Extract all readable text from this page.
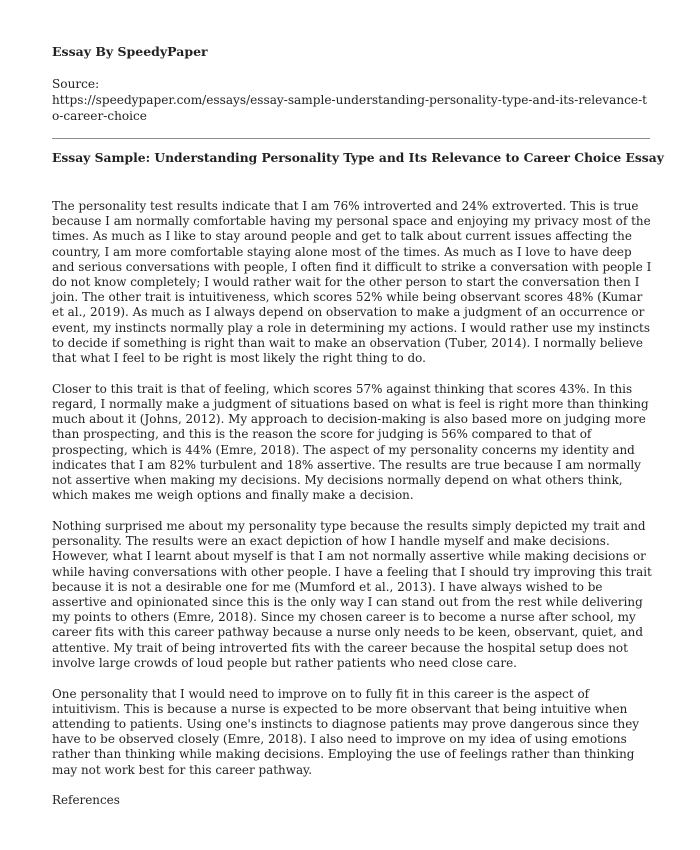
Essay By SpeedyPaper
Source:
https://speedypaper.com/essays/essay-sample-understanding-personality-type-and-its-relevance-to-career-choice
Essay Sample: Understanding Personality Type and Its Relevance to Career Choice Essay

The personality test results indicate that I am 76% introverted and 24% extroverted. This is true because I am normally comfortable having my personal space and enjoying my privacy most of the times. As much as I like to stay around people and get to talk about current issues affecting the country, I am more comfortable staying alone most of the times. As much as I love to have deep and serious conversations with people, I often find it difficult to strike a conversation with people I do not know completely; I would rather wait for the other person to start the conversation then I join. The other trait is intuitiveness, which scores 52% while being observant scores 48% (Kumar et al., 2019). As much as I always depend on observation to make a judgment of an occurrence or event, my instincts normally play a role in determining my actions. I would rather use my instincts to decide if something is right than wait to make an observation (Tuber, 2014). I normally believe that what I feel to be right is most likely the right thing to do.

Closer to this trait is that of feeling, which scores 57% against thinking that scores 43%. In this regard, I normally make a judgment of situations based on what is feel is right more than thinking much about it (Johns, 2012). My approach to decision-making is also based more on judging more than prospecting, and this is the reason the score for judging is 56% compared to that of prospecting, which is 44% (Emre, 2018). The aspect of my personality concerns my identity and indicates that I am 82% turbulent and 18% assertive. The results are true because I am normally not assertive when making my decisions. My decisions normally depend on what others think, which makes me weigh options and finally make a decision.

Nothing surprised me about my personality type because the results simply depicted my trait and personality. The results were an exact depiction of how I handle myself and make decisions. However, what I learnt about myself is that I am not normally assertive while making decisions or while having conversations with other people. I have a feeling that I should try improving this trait because it is not a desirable one for me (Mumford et al., 2013). I have always wished to be assertive and opinionated since this is the only way I can stand out from the rest while delivering my points to others (Emre, 2018). Since my chosen career is to become a nurse after school, my career fits with this career pathway because a nurse only needs to be keen, observant, quiet, and attentive. My trait of being introverted fits with the career because the hospital setup does not involve large crowds of loud people but rather patients who need close care.

One personality that I would need to improve on to fully fit in this career is the aspect of intuitivism. This is because a nurse is expected to be more observant that being intuitive when attending to patients. Using one's instincts to diagnose patients may prove dangerous since they have to be observed closely (Emre, 2018). I also need to improve on my idea of using emotions rather than thinking while making decisions. Employing the use of feelings rather than thinking may not work best for this career pathway.

References
